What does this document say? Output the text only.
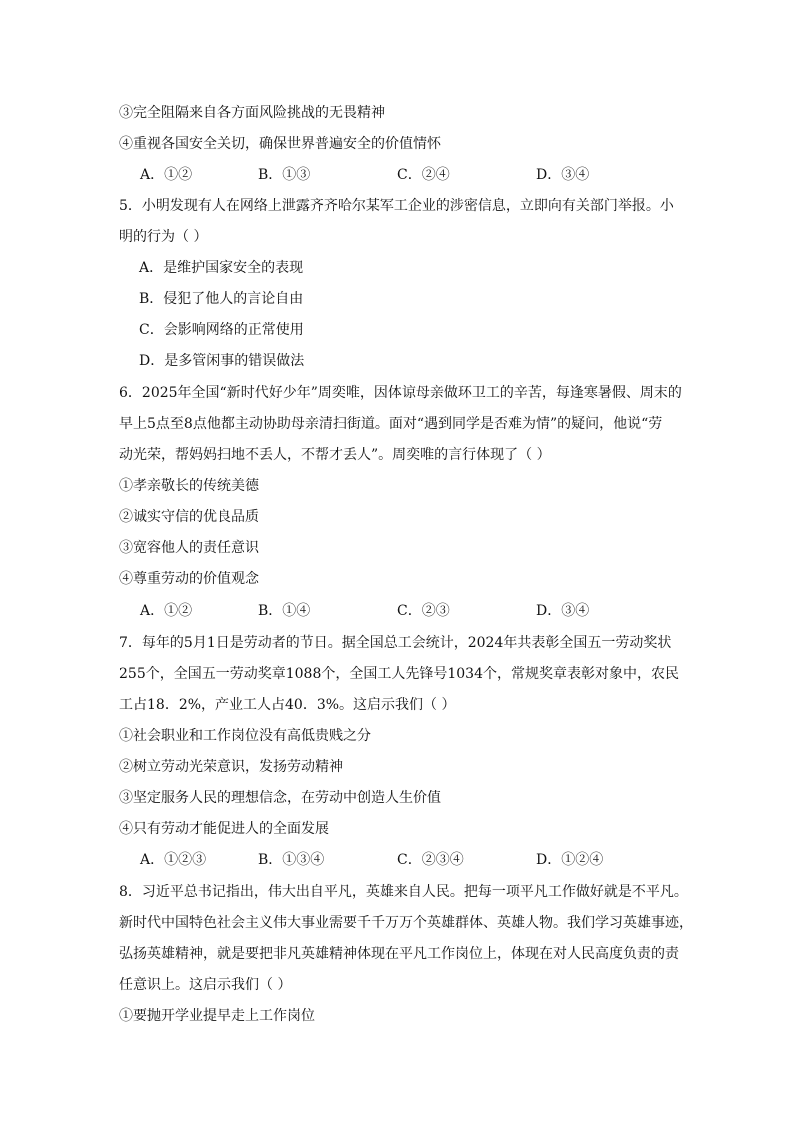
③完全阻隔来自各方面风险挑战的无畏精神
④重视各国安全关切，确保世界普遍安全的价值情怀
A．①②	B．①③	C．②④	D．③④
5．小明发现有人在网络上泄露齐齐哈尔某军工企业的涉密信息，立即向有关部门举报。小
明的行为（ ）
A．是维护国家安全的表现
B．侵犯了他人的言论自由
C．会影响网络的正常使用
D．是多管闲事的错误做法
6．2025年全国“新时代好少年”周奕唯，因体谅母亲做环卫工的辛苦，每逢寒暑假、周末的
早上5点至8点他都主动协助母亲清扫街道。面对“遇到同学是否难为情”的疑问，他说“劳
动光荣，帮妈妈扫地不丢人，不帮才丢人”。周奕唯的言行体现了（ ）
①孝亲敬长的传统美德
②诚实守信的优良品质
③宽容他人的责任意识
④尊重劳动的价值观念
A．①②	B．①④	C．②③	D．③④
7．每年的5月1日是劳动者的节日。据全国总工会统计，2024年共表彰全国五一劳动奖状
255个，全国五一劳动奖章1088个，全国工人先锋号1034个，常规奖章表彰对象中，农民
工占18．2%，产业工人占40．3%。这启示我们（ ）
①社会职业和工作岗位没有高低贵贱之分
②树立劳动光荣意识，发扬劳动精神
③坚定服务人民的理想信念，在劳动中创造人生价值
④只有劳动才能促进人的全面发展
A．①②③	B．①③④	C．②③④	D．①②④
8．习近平总书记指出，伟大出自平凡，英雄来自人民。把每一项平凡工作做好就是不平凡。
新时代中国特色社会主义伟大事业需要千千万万个英雄群体、英雄人物。我们学习英雄事迹，
弘扬英雄精神，就是要把非凡英雄精神体现在平凡工作岗位上，体现在对人民高度负责的责
任意识上。这启示我们（ ）
①要抛开学业提早走上工作岗位
